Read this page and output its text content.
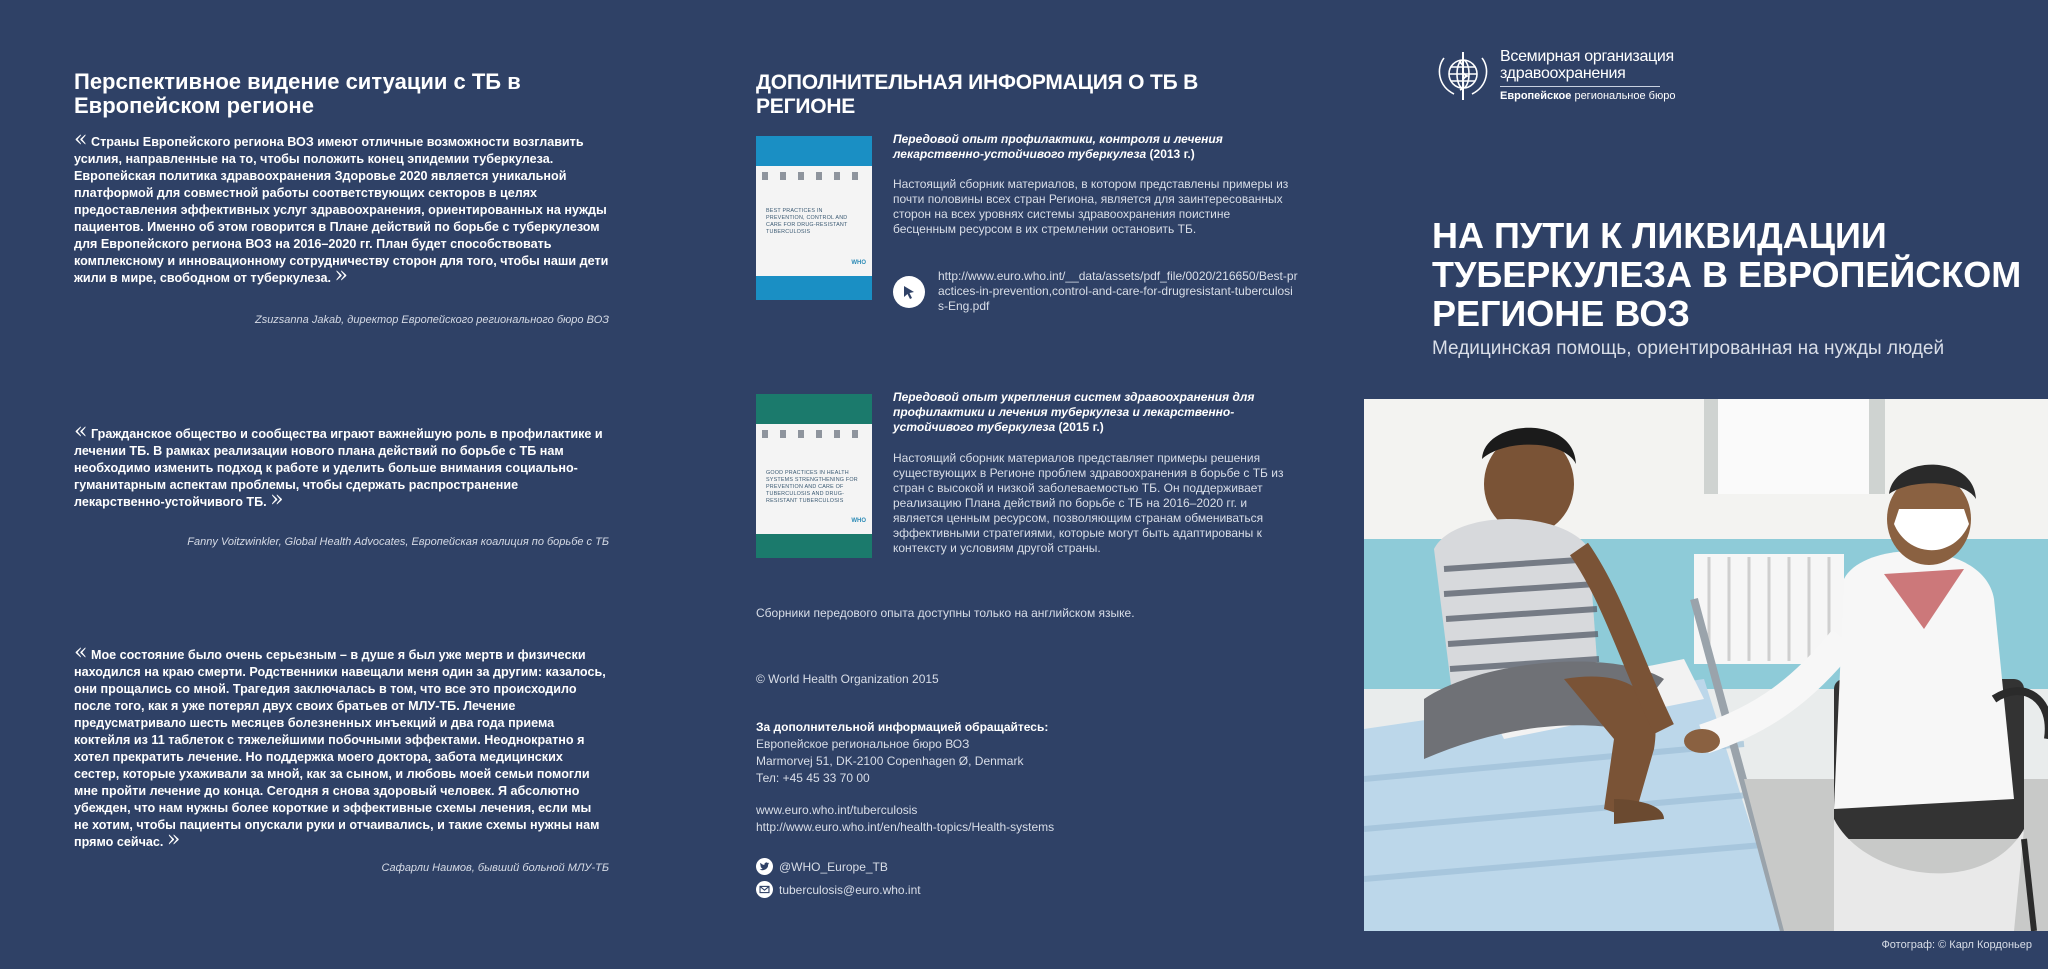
Перспективное видение ситуации с ТБ в Европейском регионе

« Страны Европейского региона ВОЗ имеют отличные возможности возглавить усилия, направленные на то, чтобы положить конец эпидемии туберкулеза. Европейская политика здравоохранения Здоровье 2020 является уникальной платформой для совместной работы соответствующих секторов в целях предоставления эффективных услуг здравоохранения, ориентированных на нужды пациентов. Именно об этом говорится в Плане действий по борьбе с туберкулезом для Европейского региона ВОЗ на 2016–2020 гг. План будет способствовать комплексному и инновационному сотрудничеству сторон для того, чтобы наши дети жили в мире, свободном от туберкулеза. »

Zsuzsanna Jakab, директор Европейского регионального бюро ВОЗ

« Гражданское общество и сообщества играют важнейшую роль в профилактике и лечении ТБ. В рамках реализации нового плана действий по борьбе с ТБ нам необходимо изменить подход к работе и уделить больше внимания социально-гуманитарным аспектам проблемы, чтобы сдержать распространение лекарственно-устойчивого ТБ. »

Fanny Voitzwinkler, Global Health Advocates, Европейская коалиция по борьбе с ТБ

« Мое состояние было очень серьезным – в душе я был уже мертв и физически находился на краю смерти. Родственники навещали меня один за другим: казалось, они прощались со мной. Трагедия заключалась в том, что все это происходило после того, как я уже потерял двух своих братьев от МЛУ-ТБ. Лечение предусматривало шесть месяцев болезненных инъекций и два года приема коктейля из 11 таблеток с тяжелейшими побочными эффектами. Неоднократно я хотел прекратить лечение. Но поддержка моего доктора, забота медицинских сестер, которые ухаживали за мной, как за сыном, и любовь моей семьи помогли мне пройти лечение до конца. Сегодня я снова здоровый человек. Я абсолютно убежден, что нам нужны более короткие и эффективные схемы лечения, если мы не хотим, чтобы пациенты опускали руки и отчаивались, и такие схемы нужны нам прямо сейчас. »

Сафарли Наимов, бывший больной МЛУ-ТБ
ДОПОЛНИТЕЛЬНАЯ ИНФОРМАЦИЯ О ТБ В РЕГИОНЕ
BEST PRACTICES IN PREVENTION, CONTROL AND CARE FOR DRUG-RESISTANT TUBERCULOSIS
WHO

Передовой опыт профилактики, контроля и лечения лекарственно-устойчивого туберкулеза (2013 г.)

Настоящий сборник материалов, в котором представлены примеры из почти половины всех стран Региона, является для заинтересованных сторон на всех уровнях системы здравоохранения поистине бесценным ресурсом в их стремлении остановить ТБ.

http://www.euro.who.int/__data/assets/pdf_file/0020/216650/Best-practices-in-prevention,control-and-care-for-drugresistant-tuberculosis-Eng.pdf

GOOD PRACTICES IN HEALTH SYSTEMS STRENGTHENING FOR PREVENTION AND CARE OF TUBERCULOSIS AND DRUG-RESISTANT TUBERCULOSIS
WHO

Передовой опыт укрепления систем здравоохранения для профилактики и лечения туберкулеза и лекарственно-устойчивого туберкулеза (2015 г.)

Настоящий сборник материалов представляет примеры решения существующих в Регионе проблем здравоохранения в борьбе с ТБ из стран с высокой и низкой заболеваемостью ТБ. Он поддерживает реализацию Плана действий по борьбе с ТБ на 2016–2020 гг. и является ценным ресурсом, позволяющим странам обмениваться эффективными стратегиями, которые могут быть адаптированы к контексту и условиям другой страны.

Сборники передового опыта доступны только на английском языке.

© World Health Organization 2015

За дополнительной информацией обращайтесь:
Европейское региональное бюро ВОЗ
Marmorvej 51, DK-2100 Copenhagen Ø, Denmark
Тел: +45 45 33 70 00
www.euro.who.int/tuberculosis
http://www.euro.who.int/en/health-topics/Health-systems
@WHO_Europe_TB
tuberculosis@euro.who.int
Всемирная организация
здравоохранения
Европейское региональное бюро
НА ПУТИ К ЛИКВИДАЦИИ ТУБЕРКУЛЕЗА В ЕВРОПЕЙСКОМ РЕГИОНЕ ВОЗ

Медицинская помощь, ориентированная на нужды людей

Фотограф: © Карл Кордоньер
